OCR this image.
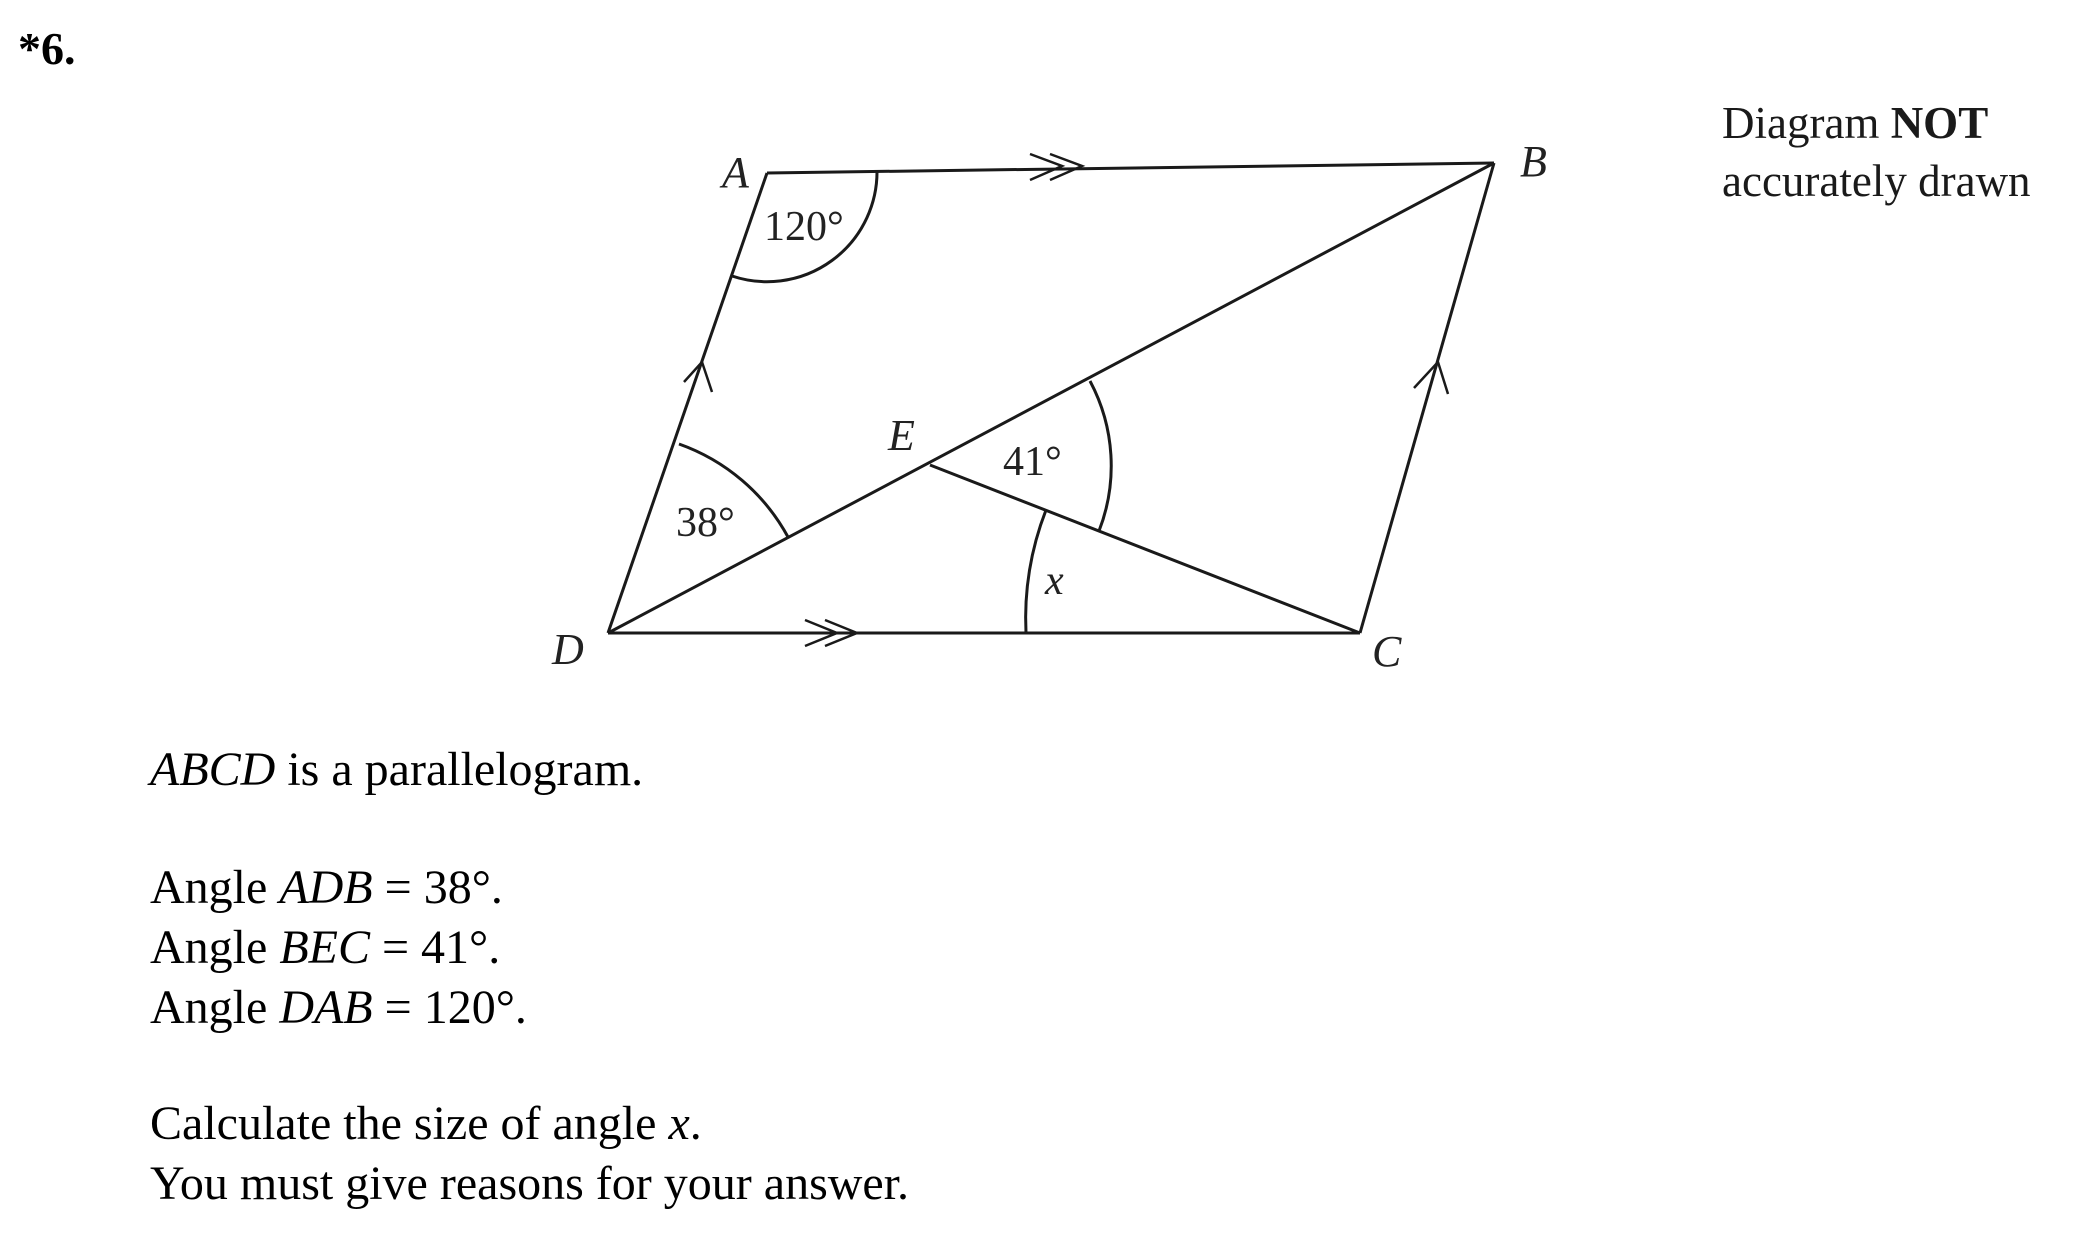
*6.
Diagram NOT
accurately drawn
A	B
C
D
E
120°
38°
41°
x
ABCD is a parallelogram.
Angle ADB = 38°.
Angle BEC = 41°.
Angle DAB = 120°.
Calculate the size of angle x.
You must give reasons for your answer.
